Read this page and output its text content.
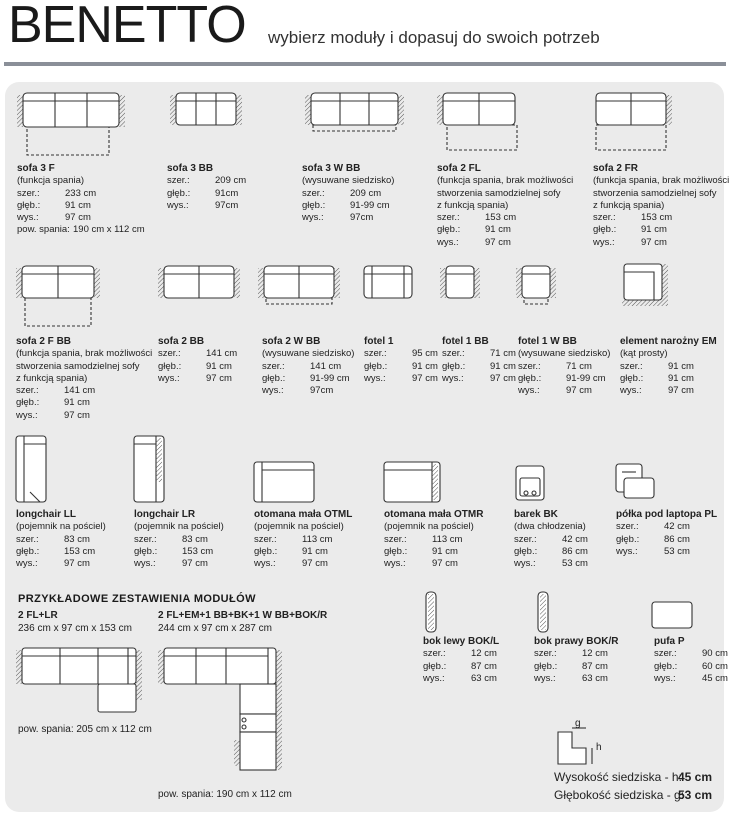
BENETTO wybierz moduły i dopasuj do swoich potrzeb
sofa 3 F
(funkcja spania)
szer.:	233 cm
głęb.:	91 cm
wys.:	97 cm
pow. spania: 190 cm x 112 cm
sofa 3 BB
szer.:	209 cm
głęb.:	91cm
wys.:	97cm
sofa 3 W BB
(wysuwane siedzisko)
szer.:	209 cm
głęb.:	91-99 cm
wys.:	97cm
sofa 2 FL
(funkcja spania, brak możliwości
stworzenia samodzielnej sofy
z funkcją spania)
szer.:	153 cm
głęb.:	91 cm
wys.:	97 cm
sofa 2 FR
(funkcja spania, brak możliwości
stworzenia samodzielnej sofy
z funkcją spania)
szer.:	153 cm
głęb.:	91 cm
wys.:	97 cm
sofa 2 F BB
(funkcja spania, brak możliwości
stworzenia samodzielnej sofy
z funkcją spania)
szer.:	141 cm
głęb.:	91 cm
wys.:	97 cm
sofa 2 BB
szer.:	141 cm
głęb.:	91 cm
wys.:	97 cm
sofa 2 W BB
(wysuwane siedzisko)
szer.:	141 cm
głęb.:	91-99 cm
wys.:	97cm
fotel 1
szer.:	95 cm
głęb.:	91 cm
wys.:	97 cm
fotel 1 BB
szer.:	71 cm
głęb.:	91 cm
wys.:	97 cm
fotel 1 W BB
(wysuwane siedzisko)
szer.:	71 cm
głęb.:	91-99 cm
wys.:	97 cm
element narożny EM
(kąt prosty)
szer.:	91 cm
głęb.:	91 cm
wys.:	97 cm
longchair LL
(pojemnik na pościel)
szer.:	83 cm
głęb.:	153 cm
wys.:	97 cm
longchair LR
(pojemnik na pościel)
szer.:	83 cm
głęb.:	153 cm
wys.:	97 cm
otomana mała OTML
(pojemnik na pościel)
szer.:	113 cm
głęb.:	91 cm
wys.:	97 cm
otomana mała OTMR
(pojemnik na pościel)
szer.:	113 cm
głęb.:	91 cm
wys.:	97 cm
barek BK
(dwa chłodzenia)
szer.:	42 cm
głęb.:	86 cm
wys.:	53 cm
półka pod laptopa PL
szer.:	42 cm
głęb.:	86 cm
wys.:	53 cm
bok lewy BOK/L
szer.:	12 cm
głęb.:	87 cm
wys.:	63 cm
bok prawy BOK/R
szer.:	12 cm
głęb.:	87 cm
wys.:	63 cm
pufa P
szer.:	90 cm
głęb.:	60 cm
wys.:	45 cm
PRZYKŁADOWE ZESTAWIENIA MODUŁÓW
2 FL+LR
236 cm x 97 cm x 153 cm
pow. spania: 205 cm x 112 cm
2 FL+EM+1 BB+BK+1 W BB+BOK/R
244 cm x 97 cm x 287 cm
pow. spania: 190 cm x 112 cm
g
h
Wysokość siedziska - h:
45 cm
Głębokość siedziska - g:
53 cm
